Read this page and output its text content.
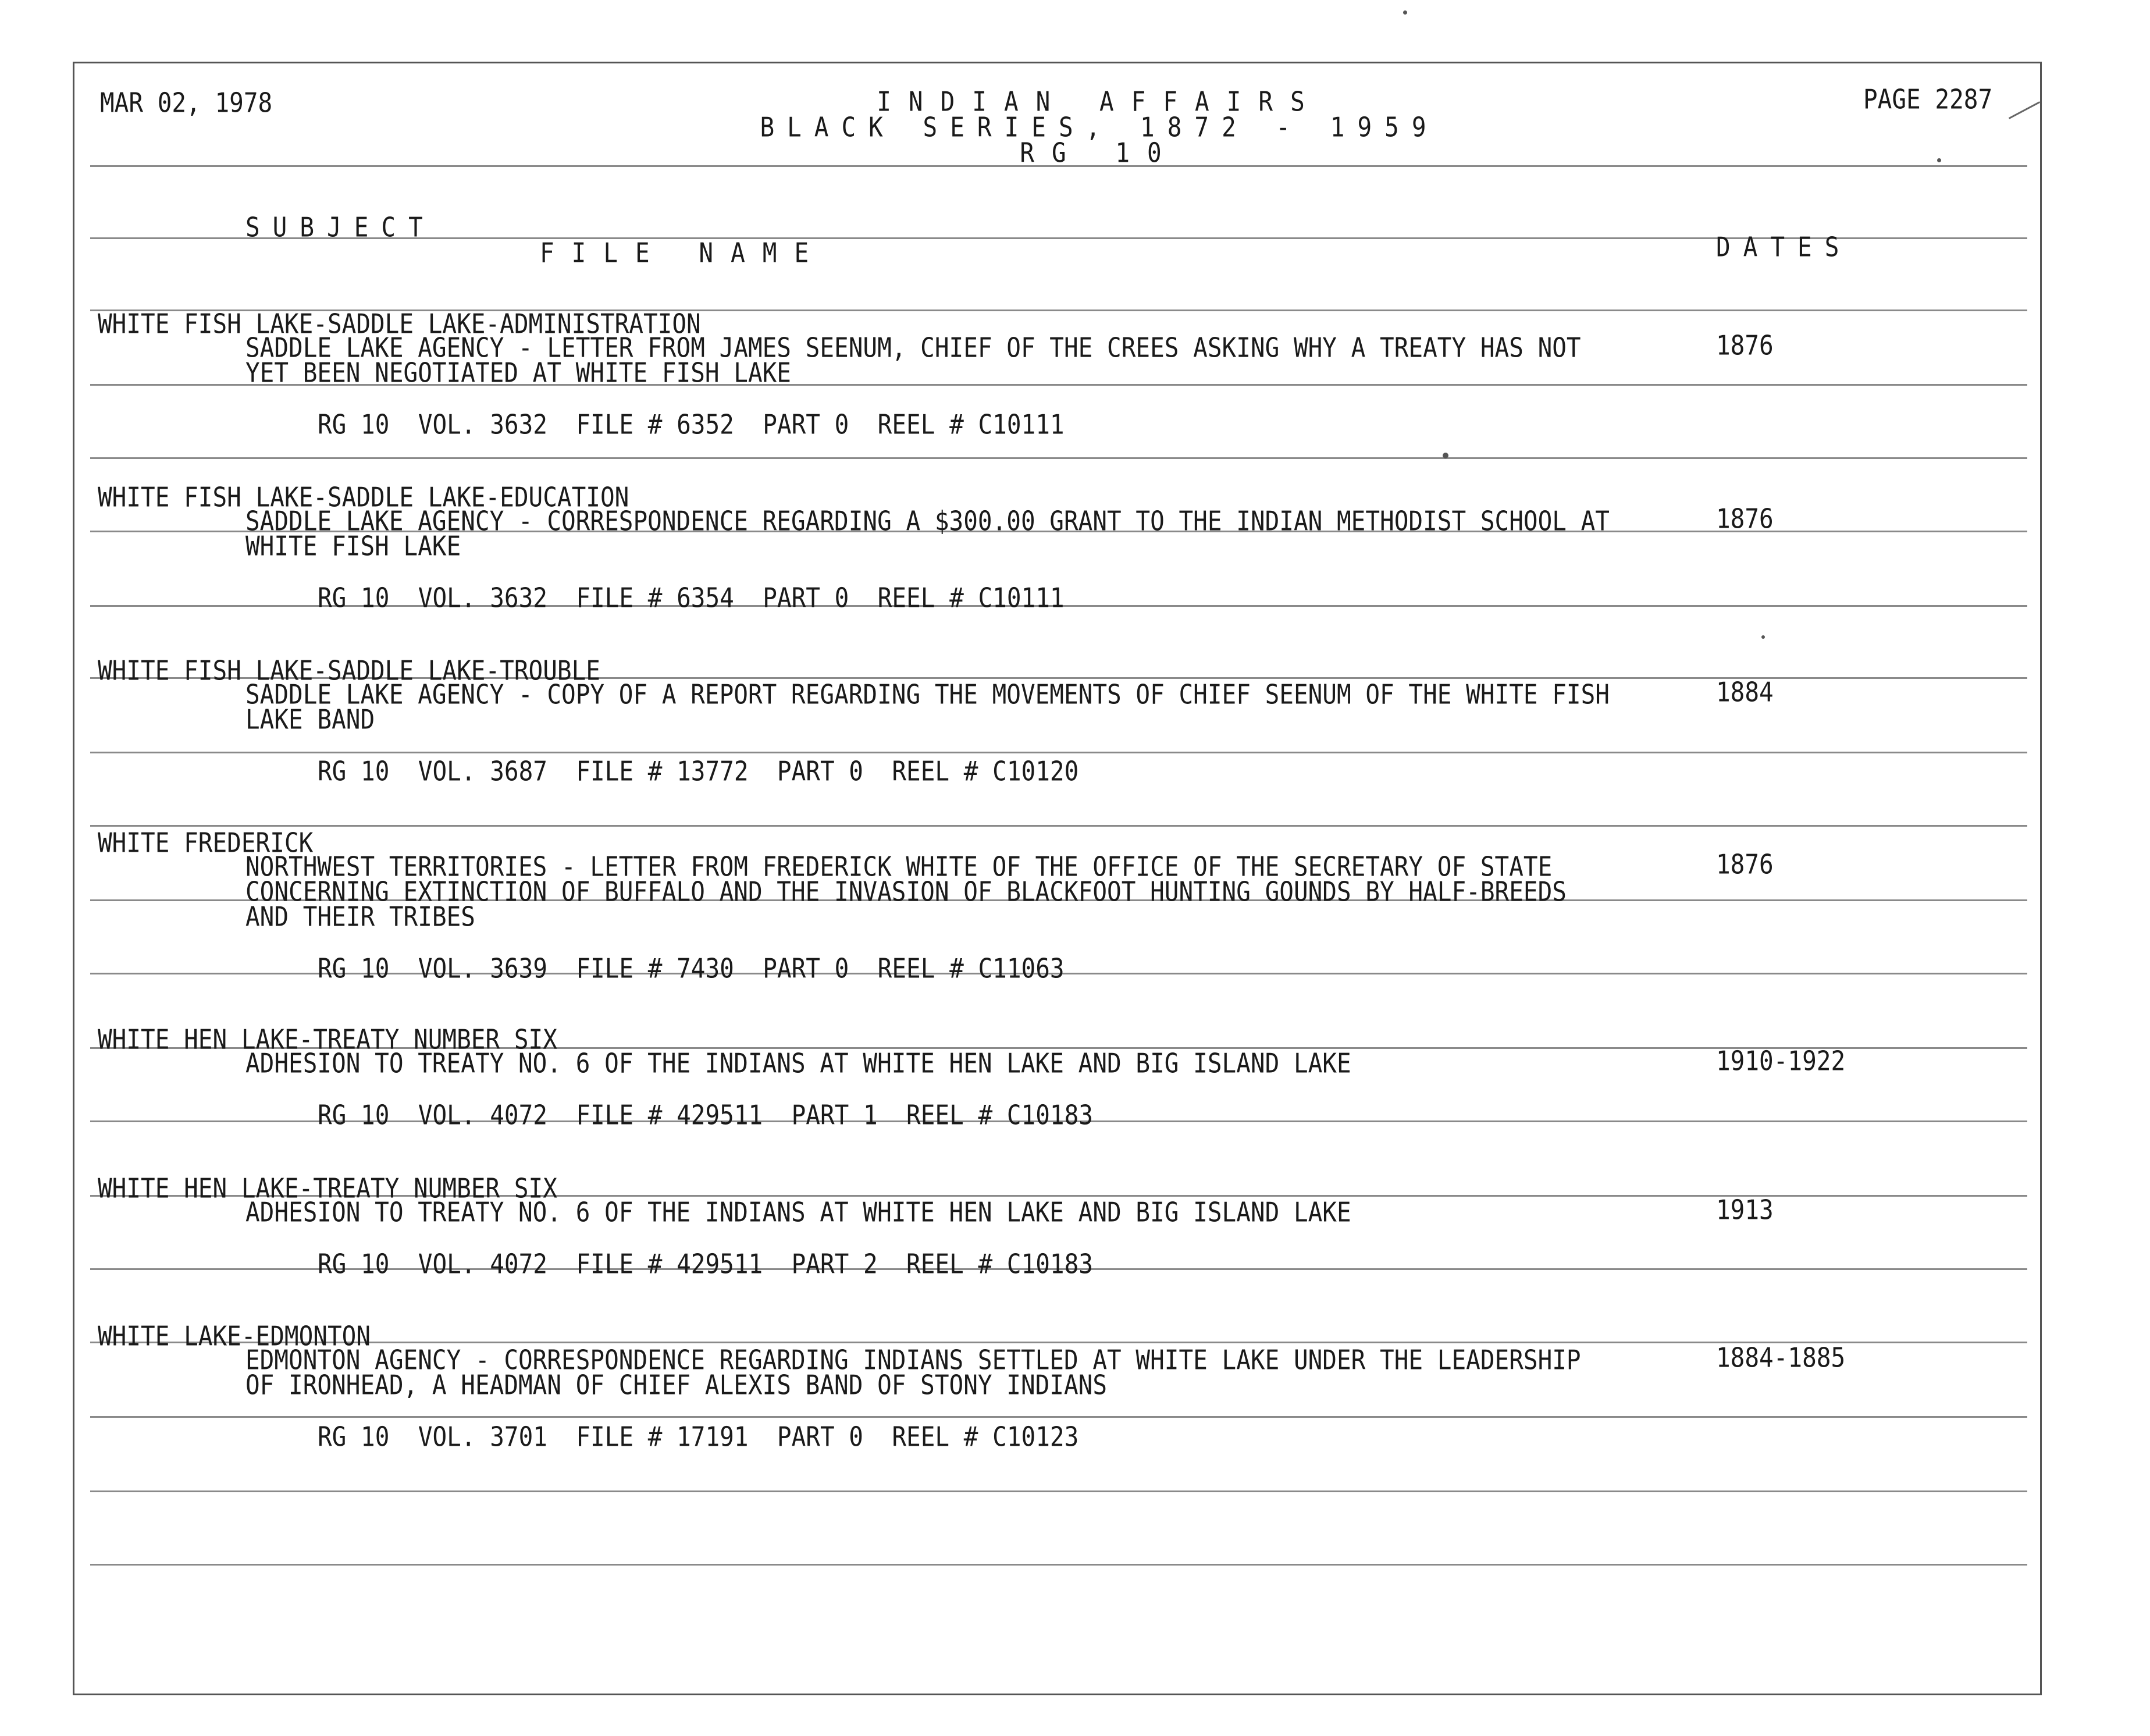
MAR 02, 1978	INDIAN AFFAIRS
BLACK SERIES, 1872 - 1959
RG 10
PAGE 2287
SUBJECT
FILE NAME	DATES
WHITE FISH LAKE-SADDLE LAKE-ADMINISTRATION
SADDLE LAKE AGENCY - LETTER FROM JAMES SEENUM, CHIEF OF THE CREES ASKING WHY A TREATY HAS NOT
YET BEEN NEGOTIATED AT WHITE FISH LAKE
1876
RG 10  VOL. 3632  FILE # 6352  PART 0  REEL # C10111
WHITE FISH LAKE-SADDLE LAKE-EDUCATION
SADDLE LAKE AGENCY - CORRESPONDENCE REGARDING A $300.00 GRANT TO THE INDIAN METHODIST SCHOOL AT
WHITE FISH LAKE
1876
RG 10  VOL. 3632  FILE # 6354  PART 0  REEL # C10111
WHITE FISH LAKE-SADDLE LAKE-TROUBLE
SADDLE LAKE AGENCY - COPY OF A REPORT REGARDING THE MOVEMENTS OF CHIEF SEENUM OF THE WHITE FISH
LAKE BAND
1884
RG 10  VOL. 3687  FILE # 13772  PART 0  REEL # C10120
WHITE FREDERICK
NORTHWEST TERRITORIES - LETTER FROM FREDERICK WHITE OF THE OFFICE OF THE SECRETARY OF STATE
CONCERNING EXTINCTION OF BUFFALO AND THE INVASION OF BLACKFOOT HUNTING GOUNDS BY HALF-BREEDS
AND THEIR TRIBES
1876
RG 10  VOL. 3639  FILE # 7430  PART 0  REEL # C11063
WHITE HEN LAKE-TREATY NUMBER SIX
ADHESION TO TREATY NO. 6 OF THE INDIANS AT WHITE HEN LAKE AND BIG ISLAND LAKE	1910-1922
RG 10  VOL. 4072  FILE # 429511  PART 1  REEL # C10183
WHITE HEN LAKE-TREATY NUMBER SIX
ADHESION TO TREATY NO. 6 OF THE INDIANS AT WHITE HEN LAKE AND BIG ISLAND LAKE	1913
RG 10  VOL. 4072  FILE # 429511  PART 2  REEL # C10183
WHITE LAKE-EDMONTON
EDMONTON AGENCY - CORRESPONDENCE REGARDING INDIANS SETTLED AT WHITE LAKE UNDER THE LEADERSHIP
OF IRONHEAD, A HEADMAN OF CHIEF ALEXIS BAND OF STONY INDIANS
1884-1885
RG 10  VOL. 3701  FILE # 17191  PART 0  REEL # C10123
